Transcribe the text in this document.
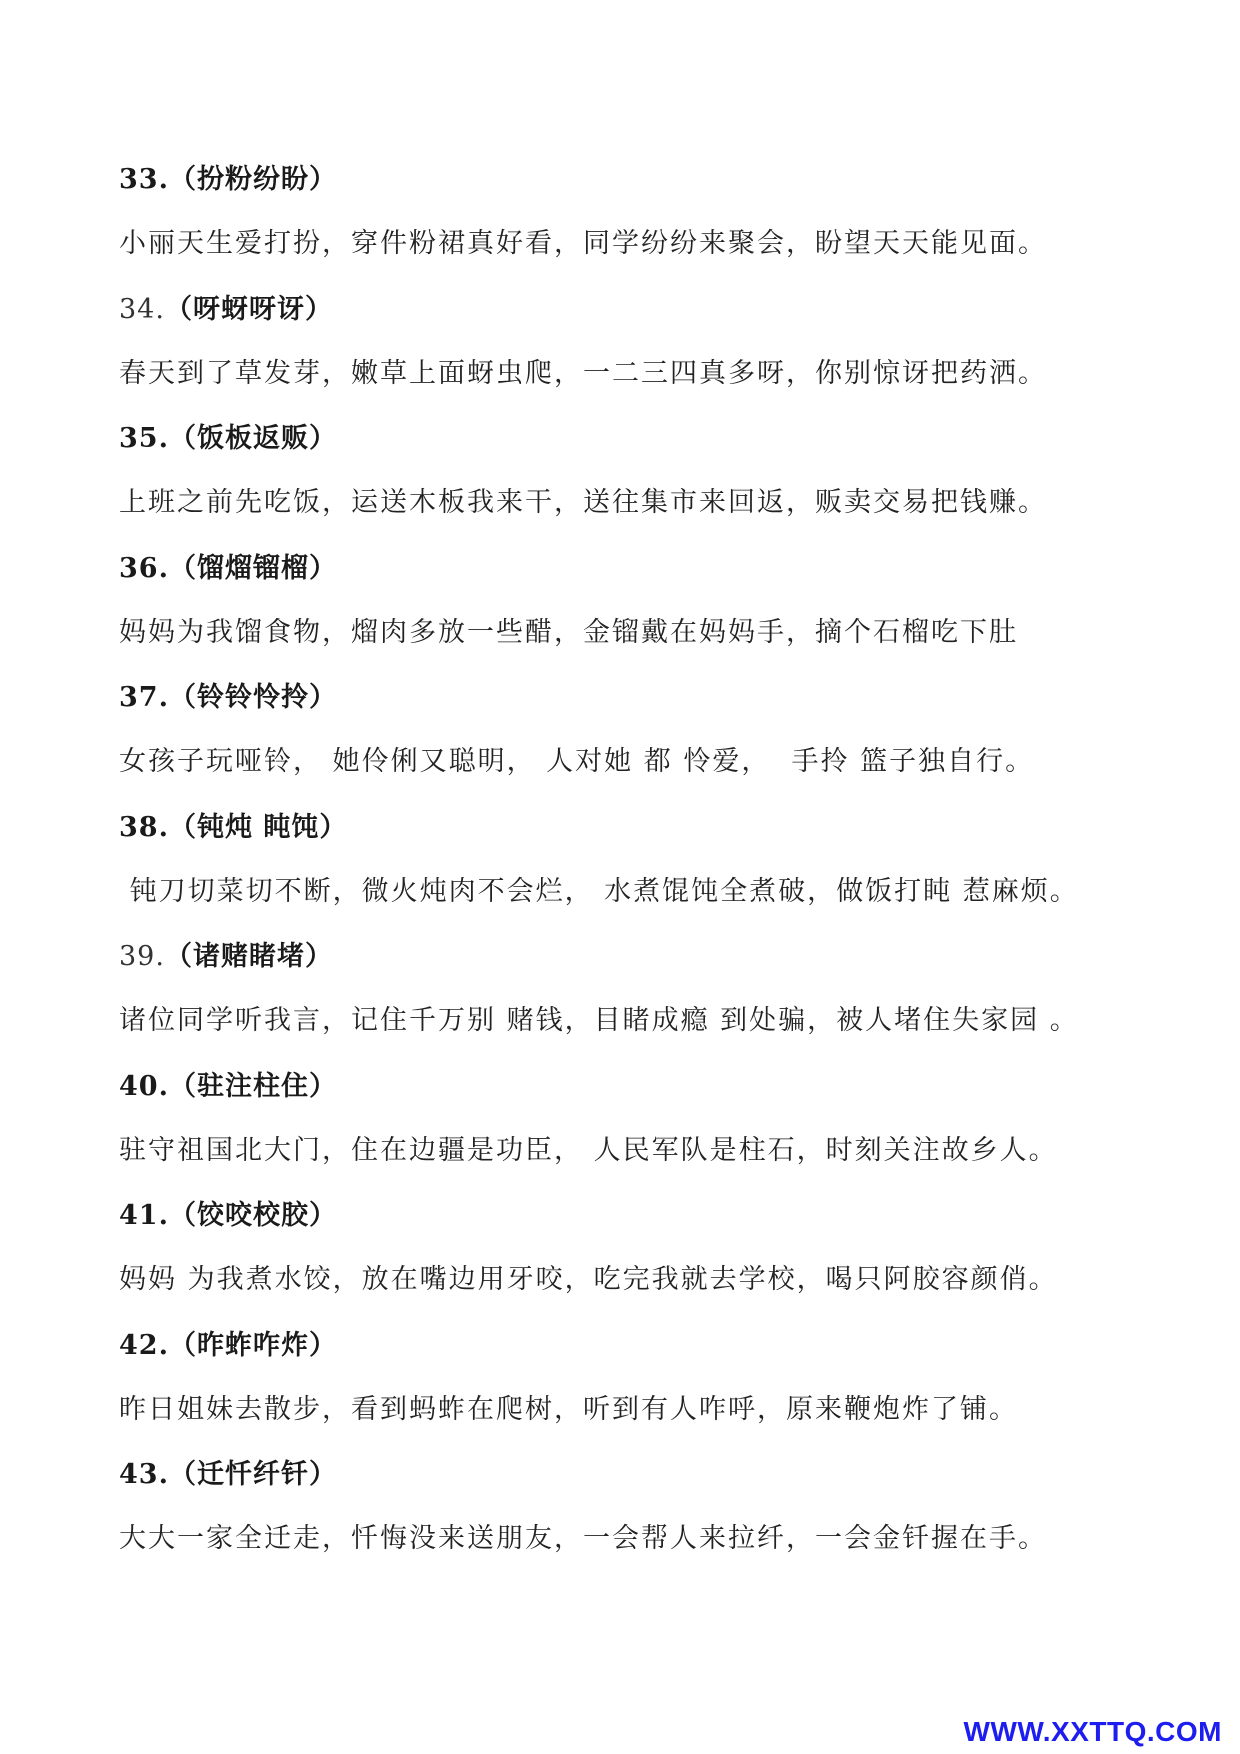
33.（扮粉纷盼）
小丽天生爱打扮，穿件粉裙真好看，同学纷纷来聚会，盼望天天能见面。
34.（呀蚜呀讶）
春天到了草发芽，嫩草上面蚜虫爬，一二三四真多呀，你别惊讶把药洒。
35.（饭板返贩）
上班之前先吃饭，运送木板我来干，送往集市来回返，贩卖交易把钱赚。
36.（馏熘镏榴）
妈妈为我馏食物，熘肉多放一些醋，金镏戴在妈妈手，摘个石榴吃下肚
37.（铃铃怜拎）
女孩子玩哑铃， 她伶俐又聪明， 人对她 都 怜爱，  手拎 篮子独自行。
38.（钝炖 盹饨）
钝刀切菜切不断，微火炖肉不会烂， 水煮馄饨全煮破，做饭打盹 惹麻烦。
39.（诸赌睹堵）
诸位同学听我言，记住千万别 赌钱，目睹成瘾 到处骗，被人堵住失家园 。
40.（驻注柱住）
驻守祖国北大门，住在边疆是功臣， 人民军队是柱石，时刻关注故乡人。
41.（饺咬校胶）
妈妈 为我煮水饺，放在嘴边用牙咬，吃完我就去学校，喝只阿胶容颜俏。
42.（昨蚱咋炸）
昨日姐妹去散步，看到蚂蚱在爬树，听到有人咋呼，原来鞭炮炸了铺。
43.（迁忏纤钎）
大大一家全迁走，忏悔没来送朋友，一会帮人来拉纤，一会金钎握在手。
WWW.XXTTQ.COM
